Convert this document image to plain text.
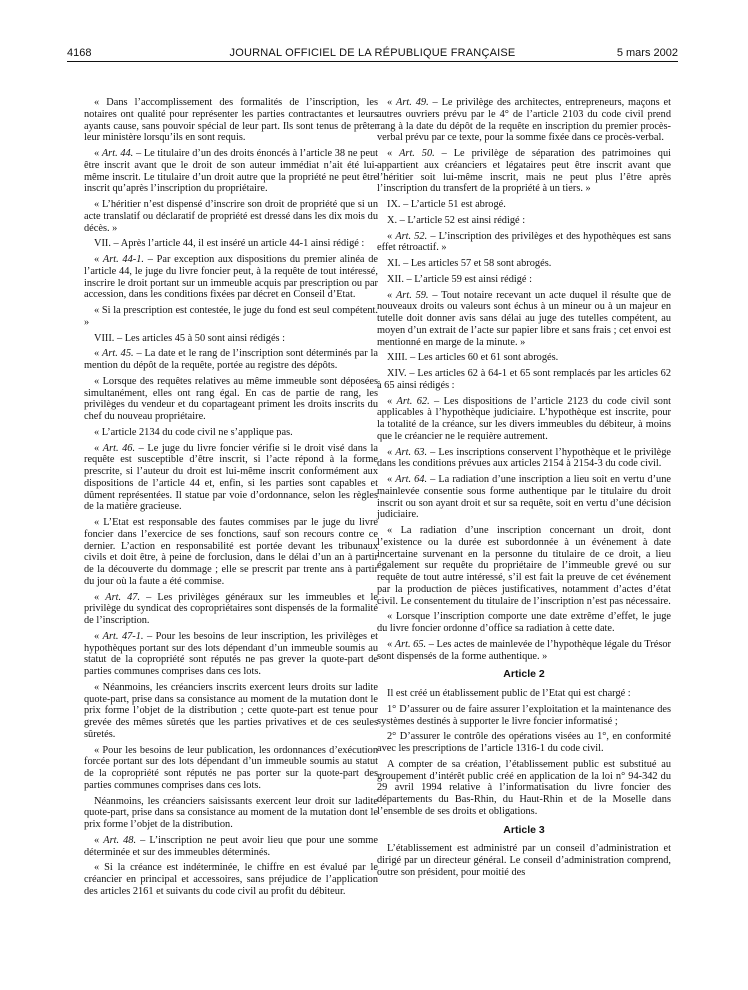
4168	JOURNAL OFFICIEL DE LA RÉPUBLIQUE FRANÇAISE	5 mars 2002

« Dans l’accomplissement des formalités de l’inscription, les notaires ont qualité pour représenter les parties contractantes et leurs ayants cause, sans pouvoir spécial de leur part. Ils sont tenus de prêter leur ministère lorsqu’ils en sont requis.

« Art. 44. – Le titulaire d’un des droits énoncés à l’article 38 ne peut être inscrit avant que le droit de son auteur immédiat n’ait été lui-même inscrit. Le titulaire d’un droit autre que la propriété ne peut être inscrit qu’après l’inscription du propriétaire.

« L’héritier n’est dispensé d’inscrire son droit de propriété que si un acte translatif ou déclaratif de propriété est dressé dans les dix mois du décès. »

VII. – Après l’article 44, il est inséré un article 44-1 ainsi rédigé :

« Art. 44-1. – Par exception aux dispositions du premier alinéa de l’article 44, le juge du livre foncier peut, à la requête de tout intéressé, inscrire le droit portant sur un immeuble acquis par prescription ou par accession, dans les conditions fixées par décret en Conseil d’Etat.

« Si la prescription est contestée, le juge du fond est seul compétent. »

VIII. – Les articles 45 à 50 sont ainsi rédigés :

« Art. 45. – La date et le rang de l’inscription sont déterminés par la mention du dépôt de la requête, portée au registre des dépôts.

« Lorsque des requêtes relatives au même immeuble sont déposées simultanément, elles ont rang égal. En cas de partie de rang, les privilèges du vendeur et du copartageant priment les droits inscrits du chef du nouveau propriétaire.

« L’article 2134 du code civil ne s’applique pas.

« Art. 46. – Le juge du livre foncier vérifie si le droit visé dans la requête est susceptible d’être inscrit, si l’acte répond à la forme prescrite, si l’auteur du droit est lui-même inscrit conformément aux dispositions de l’article 44 et, enfin, si les parties sont capables et dûment représentées. Il statue par voie d’ordonnance, selon les règles de la matière gracieuse.

« L’Etat est responsable des fautes commises par le juge du livre foncier dans l’exercice de ses fonctions, sauf son recours contre ce dernier. L’action en responsabilité est portée devant les tribunaux civils et doit être, à peine de forclusion, dans le délai d’un an à partir de la découverte du dommage ; elle se prescrit par trente ans à partir du jour où la faute a été commise.

« Art. 47. – Les privilèges généraux sur les immeubles et le privilège du syndicat des copropriétaires sont dispensés de la formalité de l’inscription.

« Art. 47-1. – Pour les besoins de leur inscription, les privilèges et hypothèques portant sur des lots dépendant d’un immeuble soumis au statut de la copropriété sont réputés ne pas grever la quote-part de parties communes comprises dans ces lots.

« Néanmoins, les créanciers inscrits exercent leurs droits sur ladite quote-part, prise dans sa consistance au moment de la mutation dont le prix forme l’objet de la distribution ; cette quote-part est tenue pour grevée des mêmes sûretés que les parties privatives et de ces seules sûretés.

« Pour les besoins de leur publication, les ordonnances d’exécution forcée portant sur des lots dépendant d’un immeuble soumis au statut de la copropriété sont réputés ne pas porter sur la quote-part des parties communes comprises dans ces lots.

Néanmoins, les créanciers saisissants exercent leur droit sur ladite quote-part, prise dans sa consistance au moment de la mutation dont le prix forme l’objet de la distribution.

« Art. 48. – L’inscription ne peut avoir lieu que pour une somme déterminée et sur des immeubles déterminés.

« Si la créance est indéterminée, le chiffre en est évalué par le créancier en principal et accessoires, sans préjudice de l’application des articles 2161 et suivants du code civil au profit du débiteur.

« Art. 49. – Le privilège des architectes, entrepreneurs, maçons et autres ouvriers prévu par le 4° de l’article 2103 du code civil prend rang à la date du dépôt de la requête en inscription du premier procès-verbal prévu par ce texte, pour la somme fixée dans ce procès-verbal.

« Art. 50. – Le privilège de séparation des patrimoines qui appartient aux créanciers et légataires peut être inscrit avant que l’héritier soit lui-même inscrit, mais ne peut plus l’être après l’inscription du transfert de la propriété à un tiers. »

IX. – L’article 51 est abrogé.

X. – L’article 52 est ainsi rédigé :

« Art. 52. – L’inscription des privilèges et des hypothèques est sans effet rétroactif. »

XI. – Les articles 57 et 58 sont abrogés.

XII. – L’article 59 est ainsi rédigé :

« Art. 59. – Tout notaire recevant un acte duquel il résulte que de nouveaux droits ou valeurs sont échus à un mineur ou à un majeur en tutelle doit donner avis sans délai au juge des tutelles compétent, au moyen d’un extrait de l’acte sur papier libre et sans frais ; cet envoi est mentionné en marge de la minute. »

XIII. – Les articles 60 et 61 sont abrogés.

XIV. – Les articles 62 à 64-1 et 65 sont remplacés par les articles 62 à 65 ainsi rédigés :

« Art. 62. – Les dispositions de l’article 2123 du code civil sont applicables à l’hypothèque judiciaire. L’hypothèque est inscrite, pour la totalité de la créance, sur les divers immeubles du débiteur, à moins que le créancier ne le requière autrement.

« Art. 63. – Les inscriptions conservent l’hypothèque et le privilège dans les conditions prévues aux articles 2154 à 2154-3 du code civil.

« Art. 64. – La radiation d’une inscription a lieu soit en vertu d’une mainlevée consentie sous forme authentique par le titulaire du droit inscrit ou son ayant droit et sur sa requête, soit en vertu d’une décision judiciaire.

« La radiation d’une inscription concernant un droit, dont l’existence ou la durée est subordonnée à un événement à date incertaine survenant en la personne du titulaire de ce droit, a lieu également sur requête du propriétaire de l’immeuble grevé ou sur requête de tout autre intéressé, s’il est fait la preuve de cet événement par la production de pièces justificatives, notamment d’actes d’état civil. Le consentement du titulaire de l’inscription n’est pas nécessaire.

« Lorsque l’inscription comporte une date extrême d’effet, le juge du livre foncier ordonne d’office sa radiation à cette date.

« Art. 65. – Les actes de mainlevée de l’hypothèque légale du Trésor sont dispensés de la forme authentique. »

Article 2

Il est créé un établissement public de l’Etat qui est chargé :

1° D’assurer ou de faire assurer l’exploitation et la maintenance des systèmes destinés à supporter le livre foncier informatisé ;

2° D’assurer le contrôle des opérations visées au 1°, en conformité avec les prescriptions de l’article 1316-1 du code civil.

A compter de sa création, l’établissement public est substitué au groupement d’intérêt public créé en application de la loi n° 94-342 du 29 avril 1994 relative à l’informatisation du livre foncier des départements du Bas-Rhin, du Haut-Rhin et de la Moselle dans l’ensemble de ses droits et obligations.

Article 3

L’établissement est administré par un conseil d’administration et dirigé par un directeur général. Le conseil d’administration comprend, outre son président, pour moitié des
